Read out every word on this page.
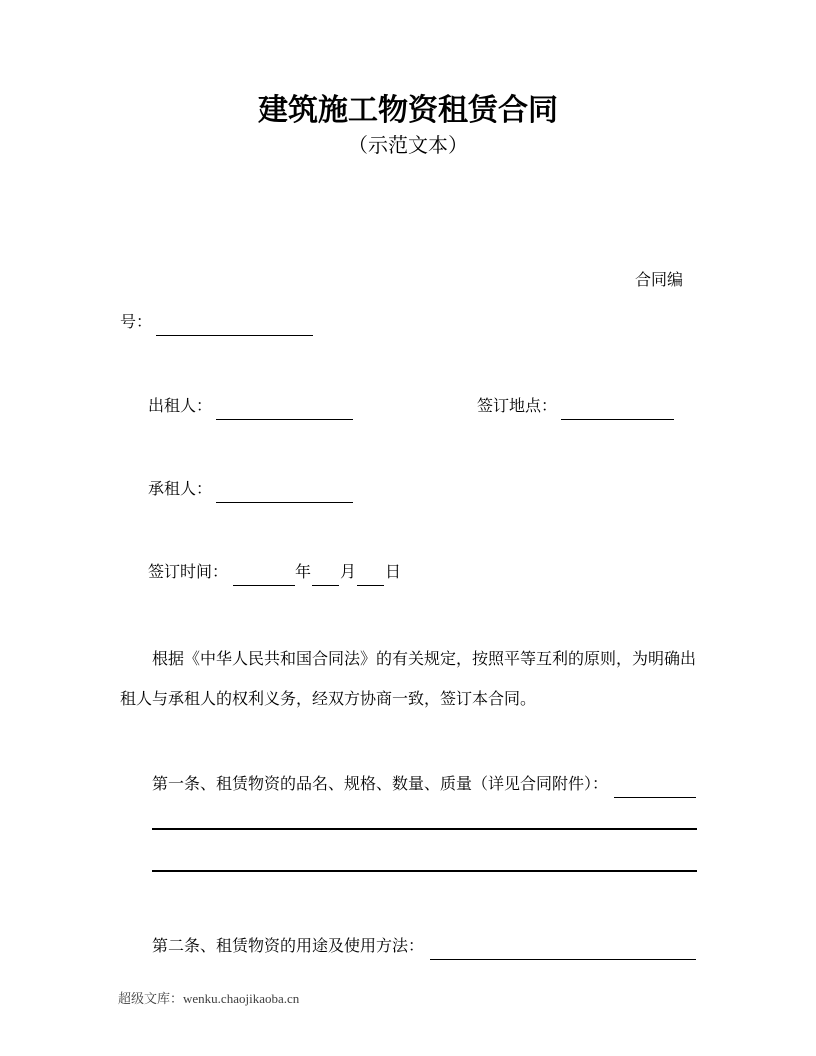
建筑施工物资租赁合同
（示范文本）
合同编
号：
出租人：	签订地点：
承租人：
签订时间：	年 月 日
根据《中华人民共和国合同法》的有关规定，按照平等互利的原则，为明确出租人与承租人的权利义务，经双方协商一致，签订本合同。
第一条、租赁物资的品名、规格、数量、质量（详见合同附件）：
第二条、租赁物资的用途及使用方法：
超级文库：wenku.chaojikaoba.cn
